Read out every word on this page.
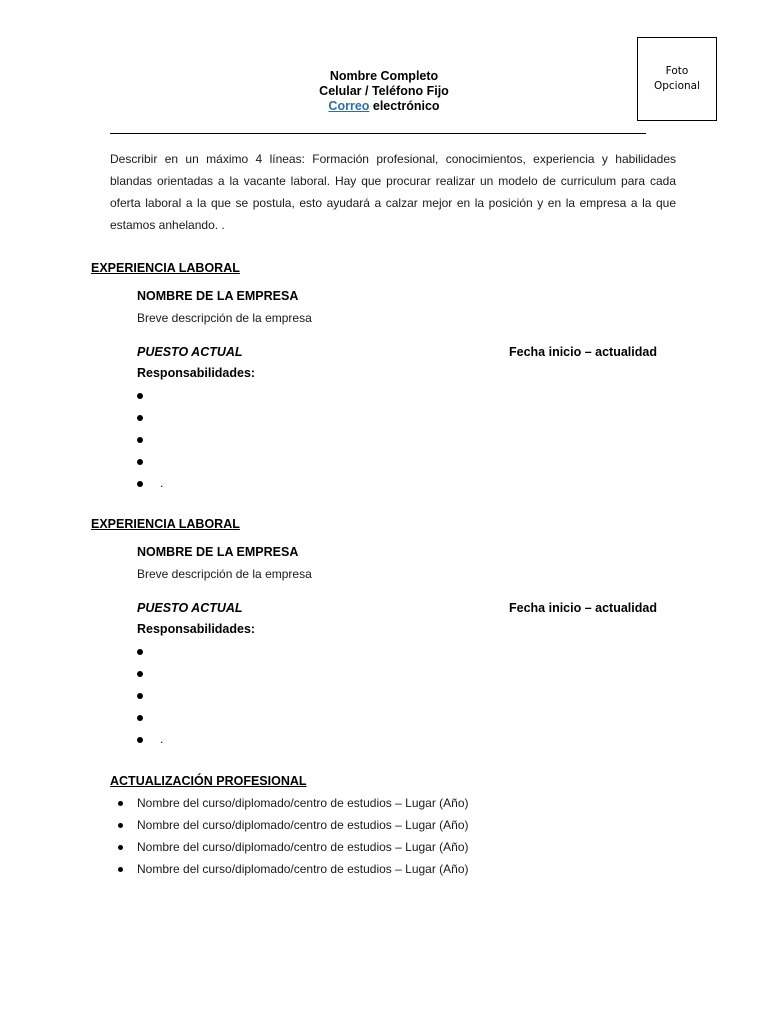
Foto
Opcional
Nombre Completo
Celular / Teléfono Fijo
Correo electrónico
Describir en un máximo 4 líneas: Formación profesional, conocimientos, experiencia y habilidades blandas orientadas a la vacante laboral. Hay que procurar realizar un modelo de curriculum para cada oferta laboral a la que se postula, esto ayudará a calzar mejor en la posición y en la empresa a la que estamos anhelando. .
EXPERIENCIA LABORAL
NOMBRE DE LA EMPRESA
Breve descripción de la empresa
PUESTO ACTUAL	Fecha inicio – actualidad
Responsabilidades:
.
EXPERIENCIA LABORAL
NOMBRE DE LA EMPRESA
Breve descripción de la empresa
PUESTO ACTUAL	Fecha inicio – actualidad
Responsabilidades:
.
ACTUALIZACIÓN PROFESIONAL
Nombre del curso/diplomado/centro de estudios – Lugar (Año)
Nombre del curso/diplomado/centro de estudios – Lugar (Año)
Nombre del curso/diplomado/centro de estudios – Lugar (Año)
Nombre del curso/diplomado/centro de estudios – Lugar (Año)
